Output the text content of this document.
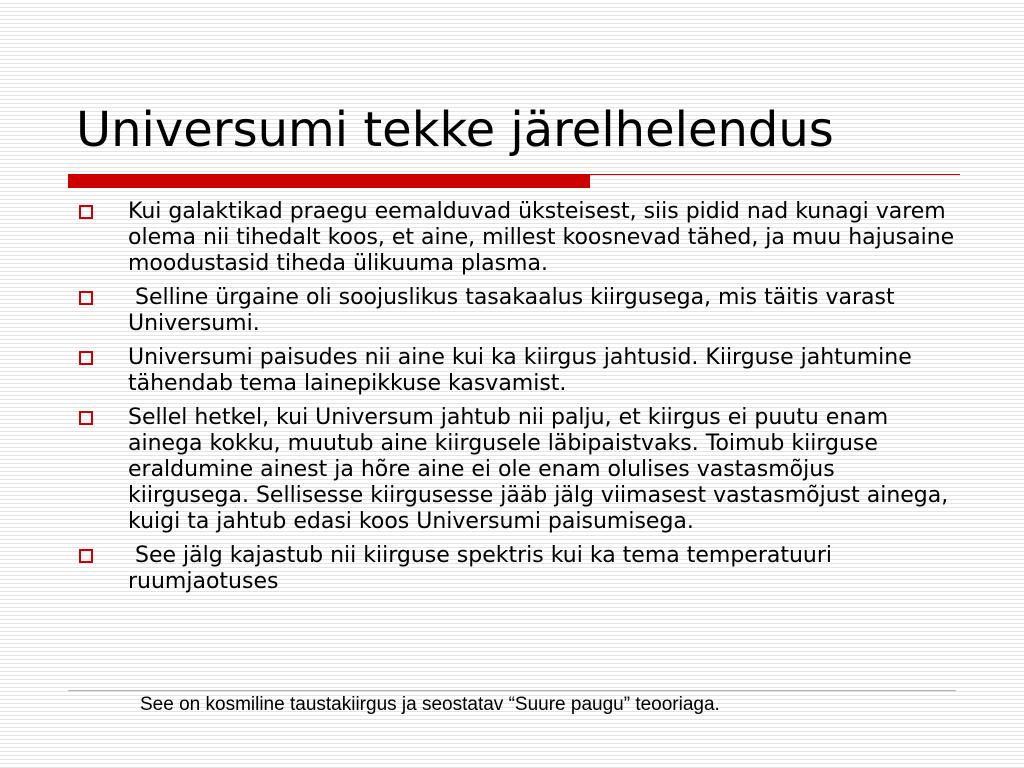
Universumi tekke järelhelendus
Kui galaktikad praegu eemalduvad üksteisest, siis pidid nad kunagi varem olema nii tihedalt koos, et aine, millest koosnevad tähed, ja muu hajusaine moodustasid tiheda ülikuuma plasma.
Selline ürgaine oli soojuslikus tasakaalus kiirgusega, mis täitis varast Universumi.
Universumi paisudes nii aine kui ka kiirgus jahtusid. Kiirguse jahtumine tähendab tema lainepikkuse kasvamist.
Sellel hetkel, kui Universum jahtub nii palju, et kiirgus ei puutu enam ainega kokku, muutub aine kiirgusele läbipaistvaks. Toimub kiirguse eraldumine ainest ja hõre aine ei ole enam olulises vastasmõjus kiirgusega. Sellisesse kiirgusesse jääb jälg viimasest vastasmõjust ainega, kuigi ta jahtub edasi koos Universumi paisumisega.
See jälg kajastub nii kiirguse spektris kui ka tema temperatuuri ruumjaotuses

See on kosmiline taustakiirgus ja seostatav “Suure paugu” teooriaga.
